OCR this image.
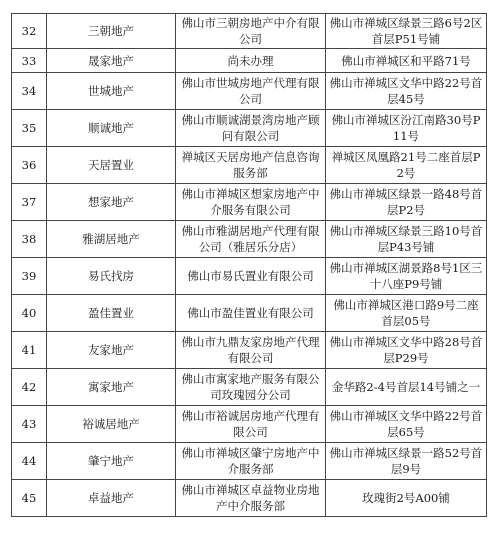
32	三朝地产	佛山市三朝房地产中介有限公司	佛山市禅城区绿景三路6号2区首层P51号铺
33	晟家地产	尚未办理	佛山市禅城区和平路71号
34	世城地产	佛山市世城房地产代理有限公司	佛山市禅城区文华中路22号首层45号
35	顺诚地产	佛山市顺诚湖景湾房地产顾问有限公司	佛山市禅城区汾江南路30号P11号
36	天居置业	禅城区天居房地产信息咨询服务部	禅城区凤凰路21号二座首层P2号
37	想家地产	佛山市禅城区想家房地产中介服务有限公司	佛山市禅城区绿景一路48号首层P2号
38	雅湖居地产	佛山市雅湖居地产代理有限公司（雅居乐分店）	佛山市禅城区绿景三路10号首层P43号铺
39	易氏找房	佛山市易氏置业有限公司	佛山市禅城区湖景路8号1区三十八座P9号铺
40	盈佳置业	佛山市盈佳置业有限公司	佛山市禅城区港口路9号二座首层05号
41	友家地产	佛山市九鼎友家房地产代理有限公司	佛山市禅城区文华中路28号首层P29号
42	寓家地产	佛山市寓家地产服务有限公司玫瑰园分公司	金华路2-4号首层14号铺之一
43	裕诚居地产	佛山市裕诚居房地产代理有限公司	佛山市禅城区文华中路22号首层65号
44	肇宁地产	佛山市禅城区肇宁房地产中介服务部	佛山市禅城区绿景一路52号首层9号
45	卓益地产	佛山市禅城区卓益物业房地产中介服务部	玫瑰街2号A00铺
